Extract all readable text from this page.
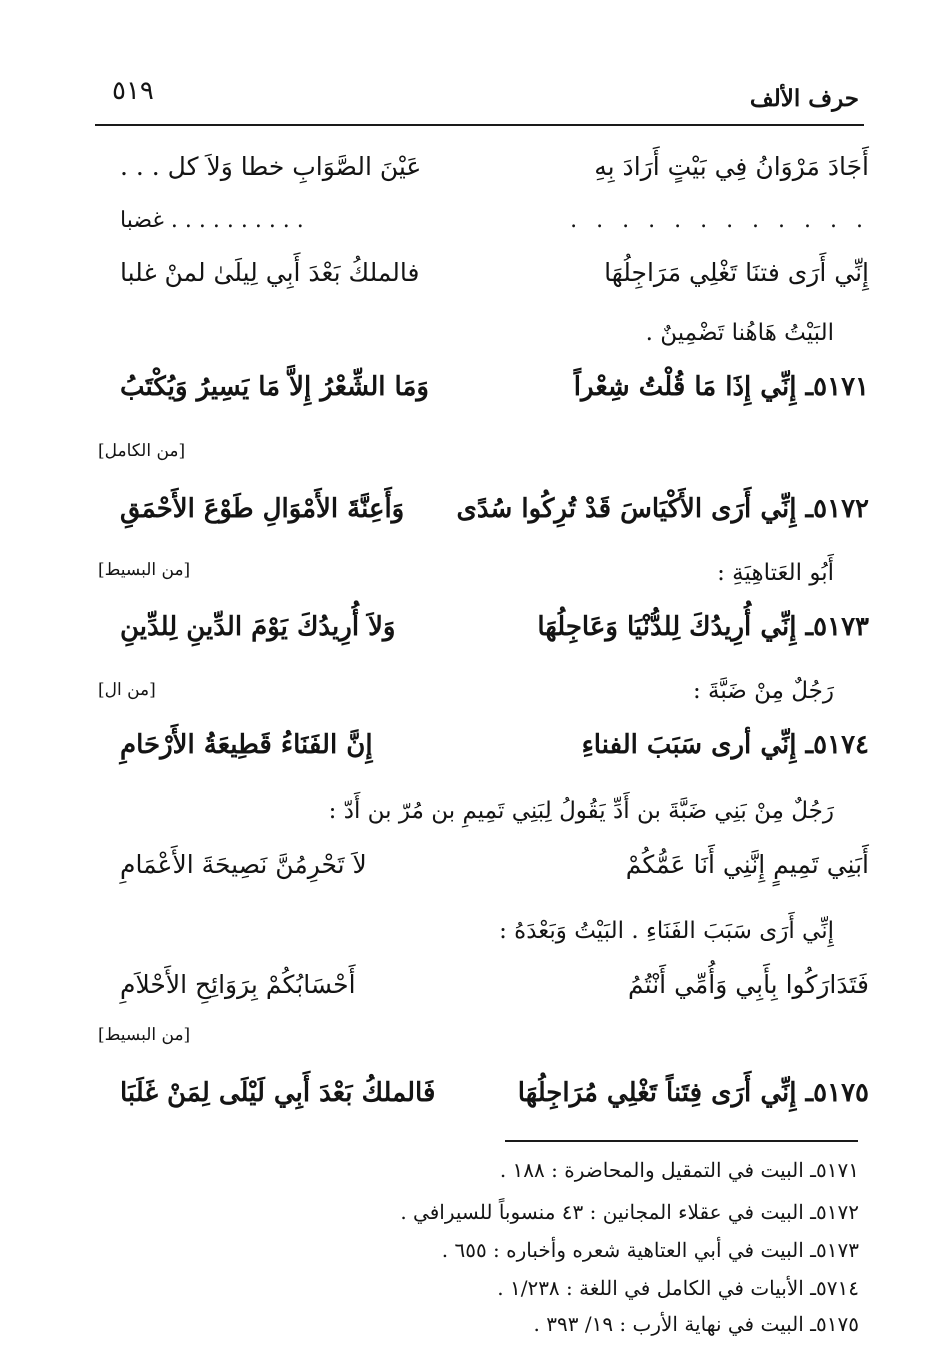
٥١٩	حرف الألف
أَجَادَ مَرْوَانُ فِي بَيْتٍ أَرَادَ بِهِ
عَيْنَ الصَّوَابِ خطا وَلاَ كل . . .
. . . . . . . . . . . .
. . . . . . . . . . غضبا
إِنِّي أَرَى فتنَا تَغْلِي مَرَاجِلُهَا
فالملكُ بَعْدَ أَبِي لِيلَىٰ لمنْ غلبا
البَيْتُ هَاهُنا تَضْمِينٌ .
٥١٧١ـ إِنِّي إِذَا مَا قُلْتُ شِعْراً
وَمَا الشِّعْرُ إِلاَّ مَا يَسِيرُ وَيُكْتَبُ
[من الكامل]
٥١٧٢ـ إِنِّي أَرَى الأَكْيَاسَ قَدْ تُرِكُوا سُدًى
وَأَعِنَّةَ الأَمْوَالِ طَوْعَ الأَحْمَقِ
أَبُو العَتاهِيَةِ :
[من البسيط]
٥١٧٣ـ إِنِّي أُرِيدُكَ لِلدُّنْيَا وَعَاجِلُهَا
وَلاَ أُرِيدُكَ يَوْمَ الدِّينِ لِلدِّينِ
رَجُلٌ مِنْ ضَبَّةَ :
[من ال]
٥١٧٤ـ إِنِّي أرى سَبَبَ الفناءِ
إِنَّ الفَنَاءُ قَطِيعَةُ الأَرْحَامِ
رَجُلٌ مِنْ بَنِي ضَبَّةَ بن أَدِّ يَقُولُ لِبَنِي تَمِيمِ بن مُرّ بن أَدّ :
أَبَنِي تَمِيمٍ إِنَّنِي أَنَا عَمُّكُمْ
لاَ تَحْرِمُنَّ نَصِيحَةَ الأَعْمَامِ
إِنِّي أَرَى سَبَبَ الفَنَاءِ . البَيْتُ وَبَعْدَهُ :
فَتَدَارَكُوا بِأَبِي وَأُمِّي أَنْتُمُ
أَحْسَابُكُمْ بِرَوَائِحِ الأَحْلاَمِ
[من البسيط]
٥١٧٥ـ إِنِّي أَرَى فِتَناً تَغْلِي مُرَاجِلُهَا
فَالملكُ بَعْدَ أَبِي لَيْلَى لِمَنْ غَلَبَا
٥١٧١ـ البيت في التمقيل والمحاضرة : ١٨٨ .
٥١٧٢ـ البيت في عقلاء المجانين : ٤٣ منسوباً للسيرافي .
٥١٧٣ـ البيت في أبي العتاهية شعره وأخباره : ٦٥٥ .
٥٧١٤ـ الأبيات في الكامل في اللغة : ١/٢٣٨ .
٥١٧٥ـ البيت في نهاية الأرب : ١٩/ ٣٩٣ .
